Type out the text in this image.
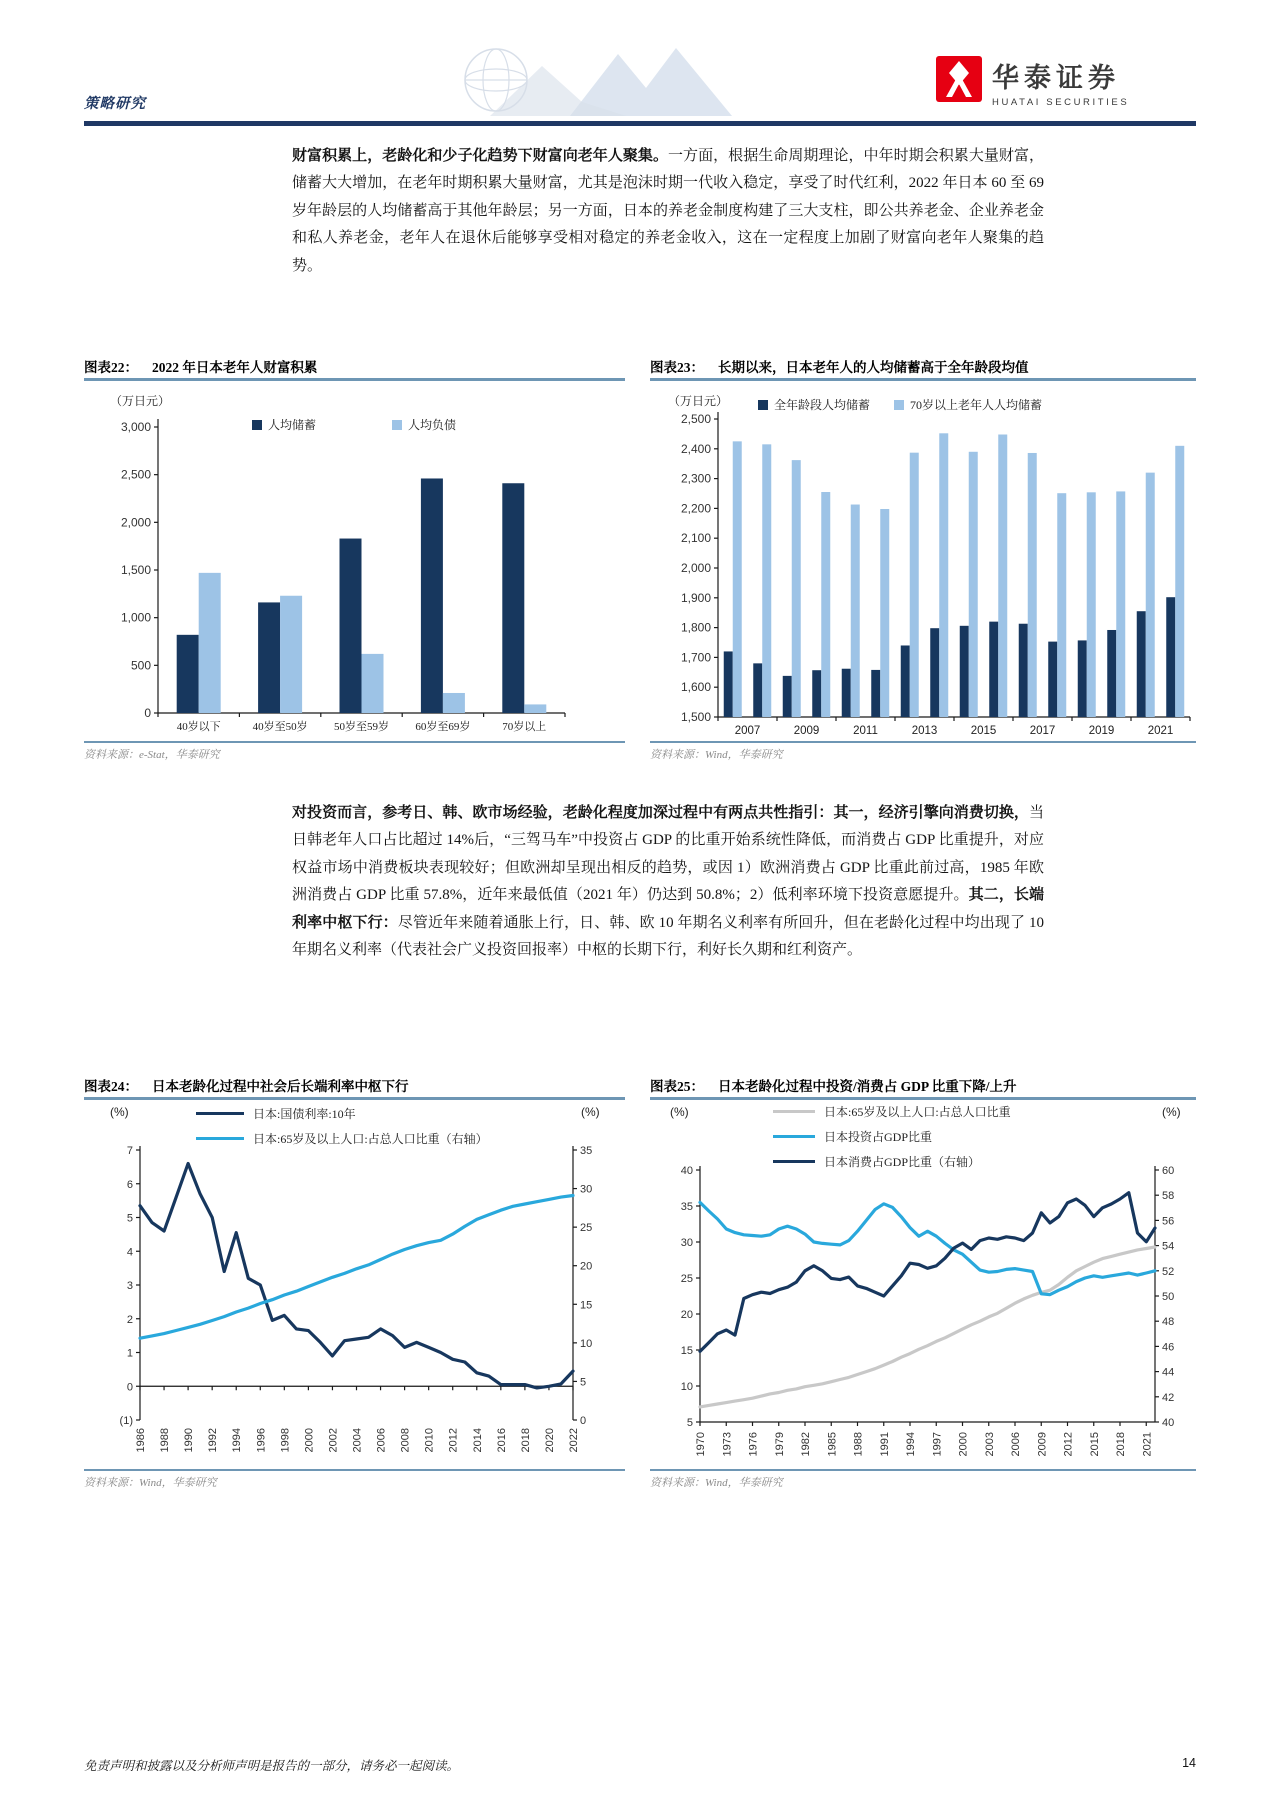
策略研究
华泰证券
HUATAI SECURITIES

财富积累上，老龄化和少子化趋势下财富向老年人聚集。一方面，根据生命周期理论，中年时期会积累大量财富，储蓄大大增加，在老年时期积累大量财富，尤其是泡沫时期一代收入稳定，享受了时代红利，2022 年日本 60 至 69 岁年龄层的人均储蓄高于其他年龄层；另一方面，日本的养老金制度构建了三大支柱，即公共养老金、企业养老金和私人养老金，老年人在退休后能够享受相对稳定的养老金收入，这在一定程度上加剧了财富向老年人聚集的趋势。

图表22： 2022 年日本老年人财富积累
（万日元）
人均储蓄	人均负债
0
500
1,000
1,500
2,000
2,500
3,000
40岁以下	40岁至50岁 50岁至59岁 60岁至69岁	70岁以上
资料来源：e-Stat，华泰研究
图表23： 长期以来，日本老年人的人均储蓄高于全年龄段均值
（万日元）	全年龄段人均储蓄	70岁以上老年人人均储蓄
1,500
1,600
1,700
1,800
1,900
2,000
2,100
2,200
2,300
2,400
2,500
2007	2009	2011	2013	2015	2017	2019	2021
资料来源：Wind，华泰研究

对投资而言，参考日、韩、欧市场经验，老龄化程度加深过程中有两点共性指引：其一，经济引擎向消费切换，当日韩老年人口占比超过 14%后，“三驾马车”中投资占 GDP 的比重开始系统性降低，而消费占 GDP 比重提升，对应权益市场中消费板块表现较好；但欧洲却呈现出相反的趋势，或因 1）欧洲消费占 GDP 比重此前过高，1985 年欧洲消费占 GDP 比重 57.8%，近年来最低值（2021 年）仍达到 50.8%；2）低利率环境下投资意愿提升。其二，长端利率中枢下行：尽管近年来随着通胀上行，日、韩、欧 10 年期名义利率有所回升，但在老龄化过程中均出现了 10 年期名义利率（代表社会广义投资回报率）中枢的长期下行，利好长久期和红利资产。

图表24： 日本老龄化过程中社会后长端利率中枢下行
(%)	(%)
日本:国债利率:10年
日本:65岁及以上人口:占总人口比重（右轴）
7
6
5
4
3
2
1
0
(1)
35
30
25
20
15
10
5
0
1986 1988 1990 1992 1994 1996 1998 2000 2002 2004 2006 2008 2010 2012 2014 2016 2018 2020 2022
资料来源：Wind，华泰研究
图表25： 日本老龄化过程中投资/消费占 GDP 比重下降/上升
(%)	(%)
日本:65岁及以上人口:占总人口比重
日本投资占GDP比重
日本消费占GDP比重（右轴）
40
35
30
25
20
15
10
5
60
58
56
54
52
50
48
46
44
42
40
1970 1973 1976 1979 1982 1985 1988 1991 1994 1997 2000 2003 2006 2009 2012 2015 2018 2021
资料来源：Wind，华泰研究
免责声明和披露以及分析师声明是报告的一部分，请务必一起阅读。	14
